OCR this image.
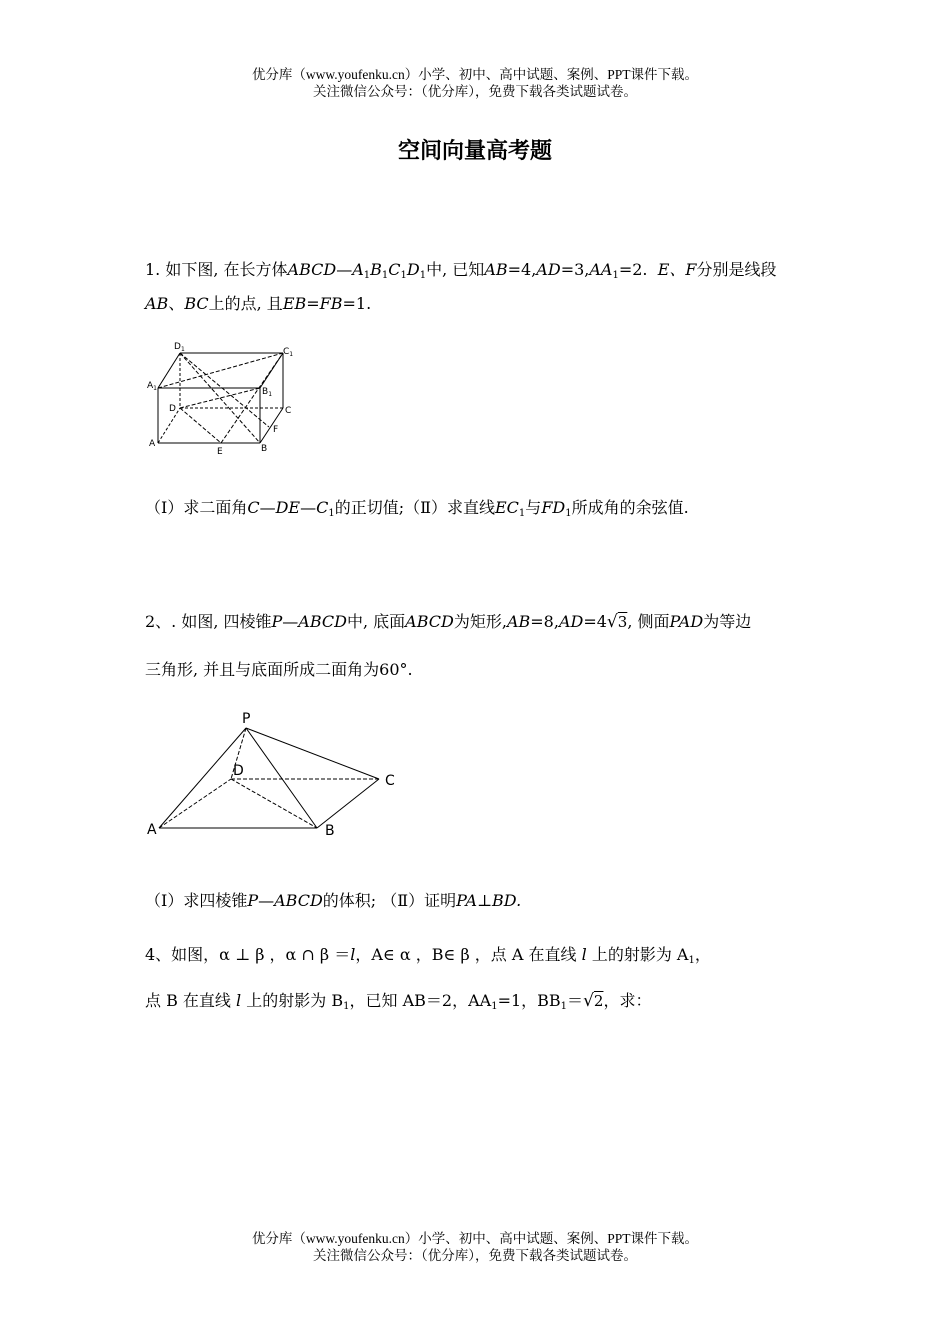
优分库（www.youfenku.cn）小学、初中、高中试题、案例、PPT课件下载。
关注微信公众号：（优分库），免费下载各类试题试卷。
空间向量高考题
1. 如下图, 在长方体$ABCD—A_1B_1C_1D_1$中, 已知$AB=4,AD=3,AA_1=2$. E、F分别是线段
AB、BC上的点, 且EB=FB=1.
$D_1$	$C_1$
$A_1$	$B_1$
D	C
A	B
E
F
（Ⅰ）求二面角$C—DE—C_1$的正切值;（Ⅱ）求直线$EC_1$与$FD_1$所成角的余弦值.
2、. 如图, 四棱锥P—ABCD中, 底面ABCD为矩形,AB=8,AD=4√3, 侧面PAD为等边
三角形, 并且与底面所成二面角为60°.
P
D
C
A	B
（Ⅰ）求四棱锥P—ABCD的体积; （Ⅱ）证明PA⊥BD.
4、如图，α ⊥ β ，α ∩ β ＝l，A∈ α ，B∈ β ，点 A 在直线 l 上的射影为 $A_1$，
点 B 在直线 l 上的射影为 $B_1$，已知 AB＝2，$AA_1=1$，$BB_1=√2$，求：
优分库（www.youfenku.cn）小学、初中、高中试题、案例、PPT课件下载。
关注微信公众号：（优分库），免费下载各类试题试卷。
